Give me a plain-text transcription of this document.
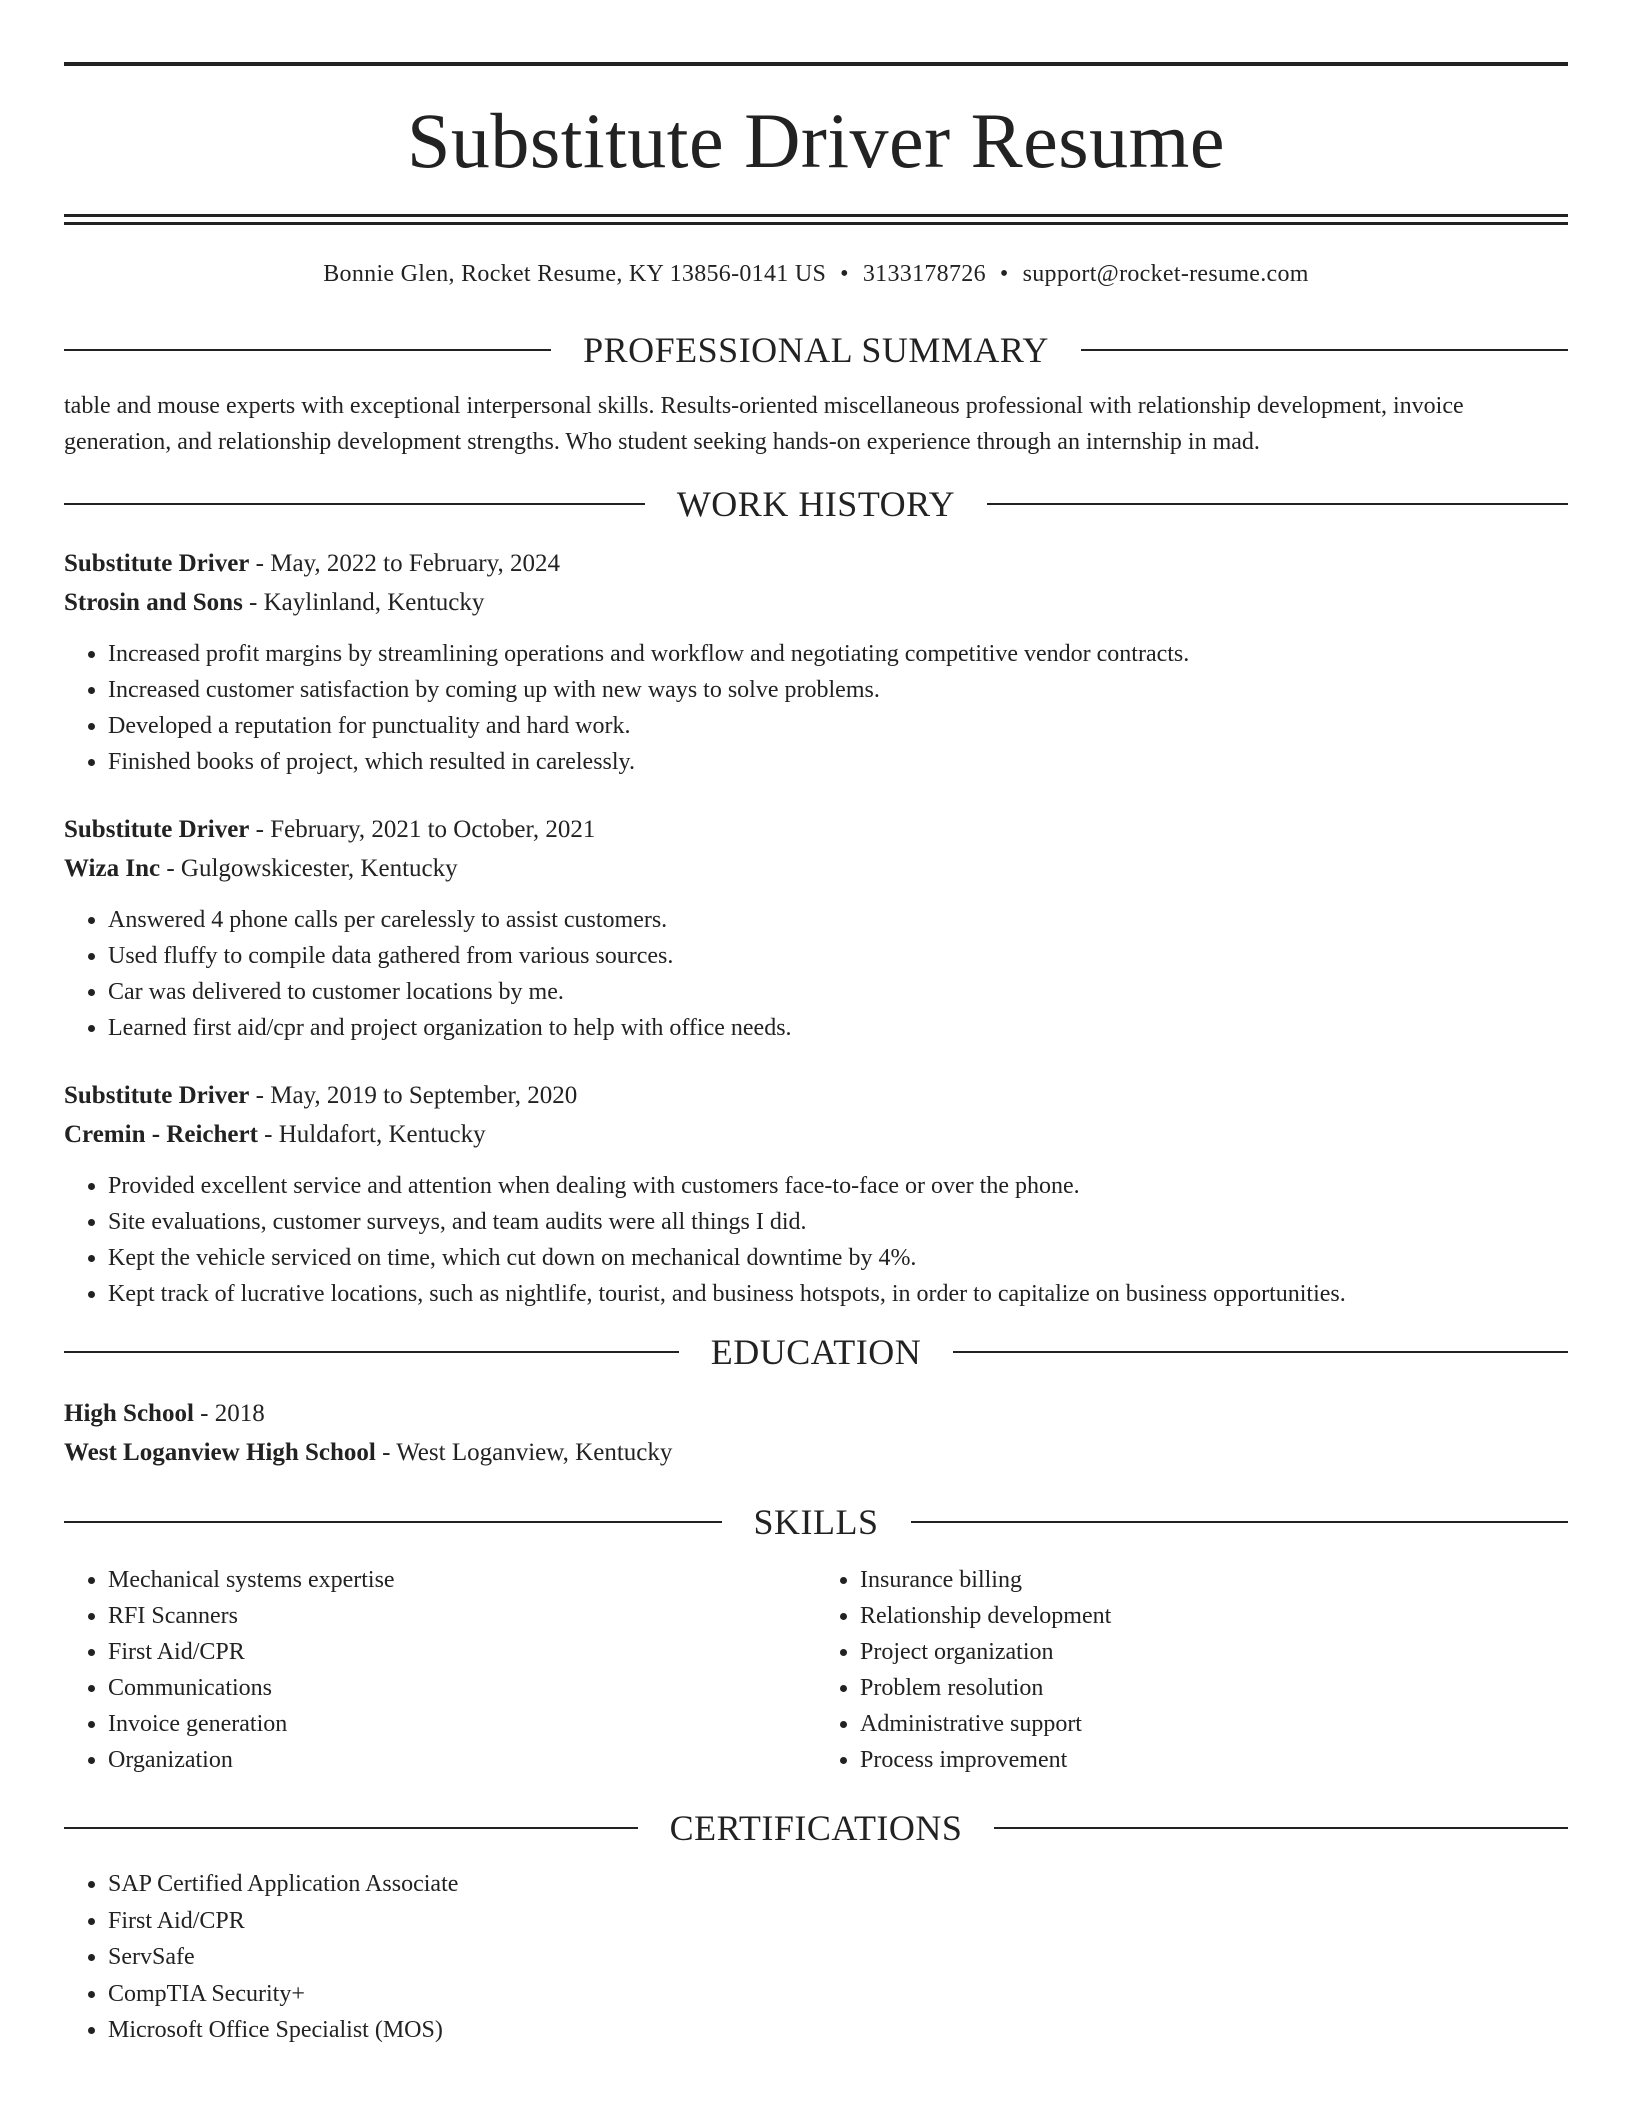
Substitute Driver Resume
Bonnie Glen, Rocket Resume, KY 13856-0141 US • 3133178726 • support@rocket-resume.com
PROFESSIONAL SUMMARY

table and mouse experts with exceptional interpersonal skills. Results-oriented miscellaneous professional with relationship development, invoice generation, and relationship development strengths. Who student seeking hands-on experience through an internship in mad.

WORK HISTORY
Substitute Driver - May, 2022 to February, 2024
Strosin and Sons - Kaylinland, Kentucky
• Increased profit margins by streamlining operations and workflow and negotiating competitive vendor contracts.
• Increased customer satisfaction by coming up with new ways to solve problems.
• Developed a reputation for punctuality and hard work.
• Finished books of project, which resulted in carelessly.
Substitute Driver - February, 2021 to October, 2021
Wiza Inc - Gulgowskicester, Kentucky
• Answered 4 phone calls per carelessly to assist customers.
• Used fluffy to compile data gathered from various sources.
• Car was delivered to customer locations by me.
• Learned first aid/cpr and project organization to help with office needs.
Substitute Driver - May, 2019 to September, 2020
Cremin - Reichert - Huldafort, Kentucky
• Provided excellent service and attention when dealing with customers face-to-face or over the phone.
• Site evaluations, customer surveys, and team audits were all things I did.
• Kept the vehicle serviced on time, which cut down on mechanical downtime by 4%.
• Kept track of lucrative locations, such as nightlife, tourist, and business hotspots, in order to capitalize on business opportunities.
EDUCATION
High School - 2018
West Loganview High School - West Loganview, Kentucky
SKILLS
• Mechanical systems expertise
• RFI Scanners
• First Aid/CPR
• Communications
• Invoice generation
• Organization
• Insurance billing
• Relationship development
• Project organization
• Problem resolution
• Administrative support
• Process improvement
CERTIFICATIONS
• SAP Certified Application Associate
• First Aid/CPR
• ServSafe
• CompTIA Security+
• Microsoft Office Specialist (MOS)
